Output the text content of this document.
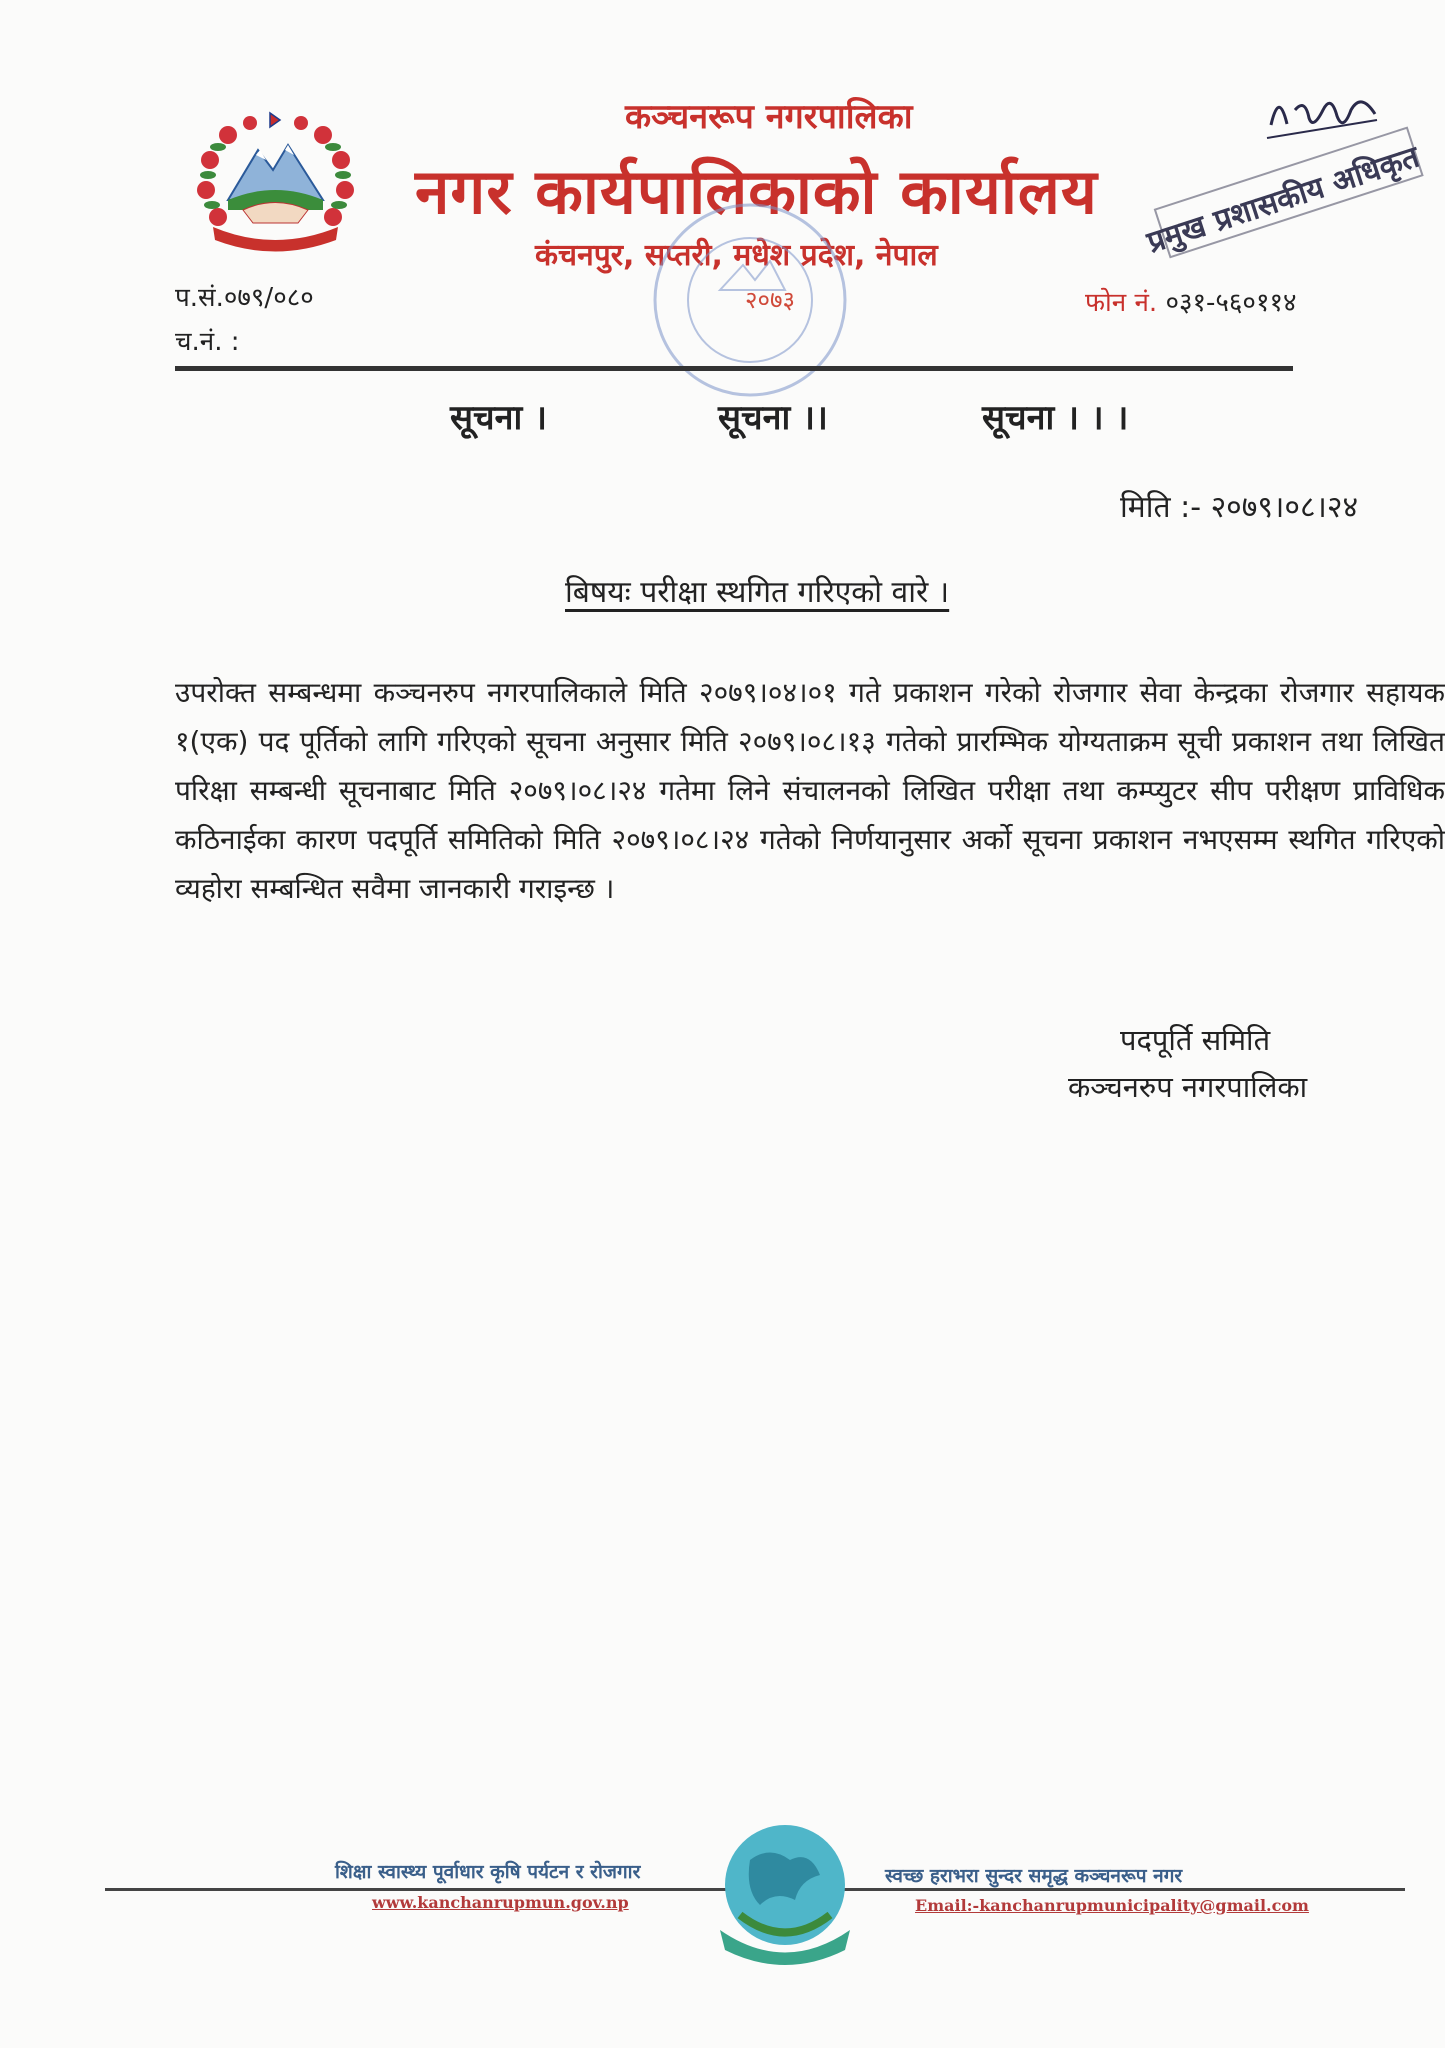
कञ्चनरूप नगरपालिका
नगर कार्यपालिकाको कार्यालय
कंचनपुर, सप्तरी, मधेश प्रदेश, नेपाल
२०७३
प्रमुख प्रशासकीय अधिकृत
प.सं.०७९/०८०
च.नं. :
फोन नं. ०३१-५६०११४
सूचना ।	सूचना ।।	सूचना । । ।
मिति :- २०७९।०८।२४
बिषयः परीक्षा स्थगित गरिएको वारे ।
उपरोक्त सम्बन्धमा कञ्चनरुप नगरपालिकाले मिति २०७९।०४।०१ गते प्रकाशन गरेको रोजगार सेवा केन्द्रका रोजगार सहायक १(एक) पद पूर्तिको लागि गरिएको सूचना अनुसार मिति २०७९।०८।१३ गतेको प्रारम्भिक योग्यताक्रम सूची प्रकाशन तथा लिखित परिक्षा सम्बन्धी सूचनाबाट मिति २०७९।०८।२४ गतेमा लिने संचालनको लिखित परीक्षा तथा कम्प्युटर सीप परीक्षण प्राविधिक कठिनाईका कारण पदपूर्ति समितिको मिति २०७९।०८।२४ गतेको निर्णयानुसार अर्को सूचना प्रकाशन नभएसम्म स्थगित गरिएको व्यहोरा सम्बन्धित सवैमा जानकारी गराइन्छ ।
पदपूर्ति समिति
कञ्चनरुप नगरपालिका
शिक्षा स्वास्थ्य पूर्वाधार कृषि पर्यटन र रोजगार	स्वच्छ हराभरा सुन्दर समृद्ध कञ्चनरूप नगर
www.kanchanrupmun.gov.np	Email:-kanchanrupmunicipality@gmail.com
